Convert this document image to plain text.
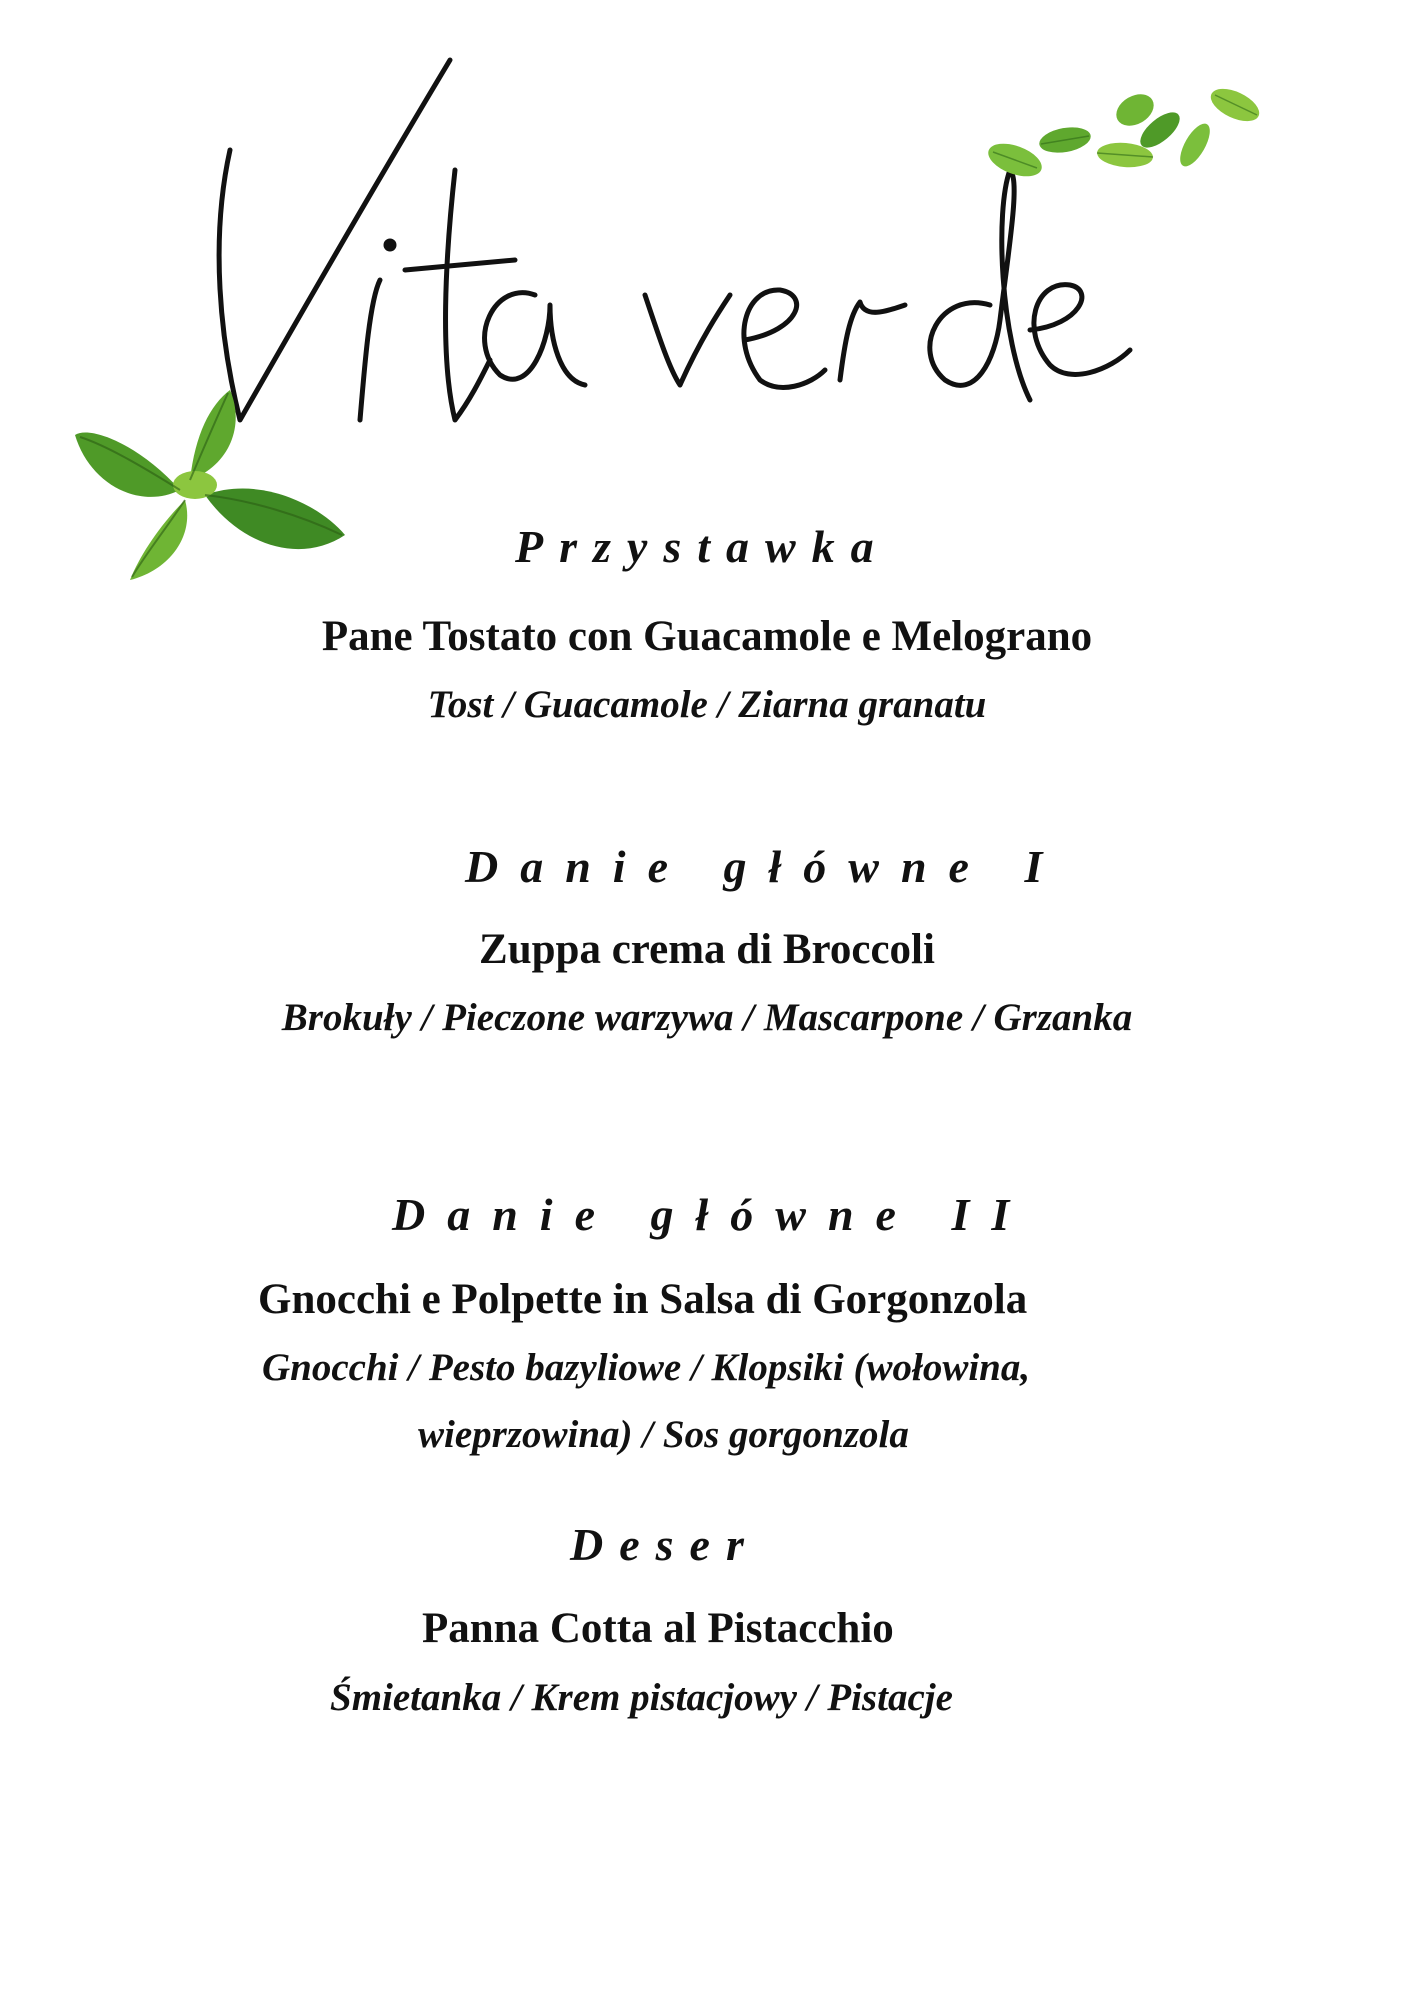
Przystawka
Pane Tostato con Guacamole e Melograno
Tost / Guacamole / Ziarna granatu
Danie główne I
Zuppa crema di Broccoli
Brokuły / Pieczone warzywa / Mascarpone / Grzanka
Danie główne II
Gnocchi e Polpette in Salsa di Gorgonzola
Gnocchi / Pesto bazyliowe / Klopsiki (wołowina,
wieprzowina) / Sos gorgonzola
Deser
Panna Cotta al Pistacchio
Śmietanka / Krem pistacjowy / Pistacje
